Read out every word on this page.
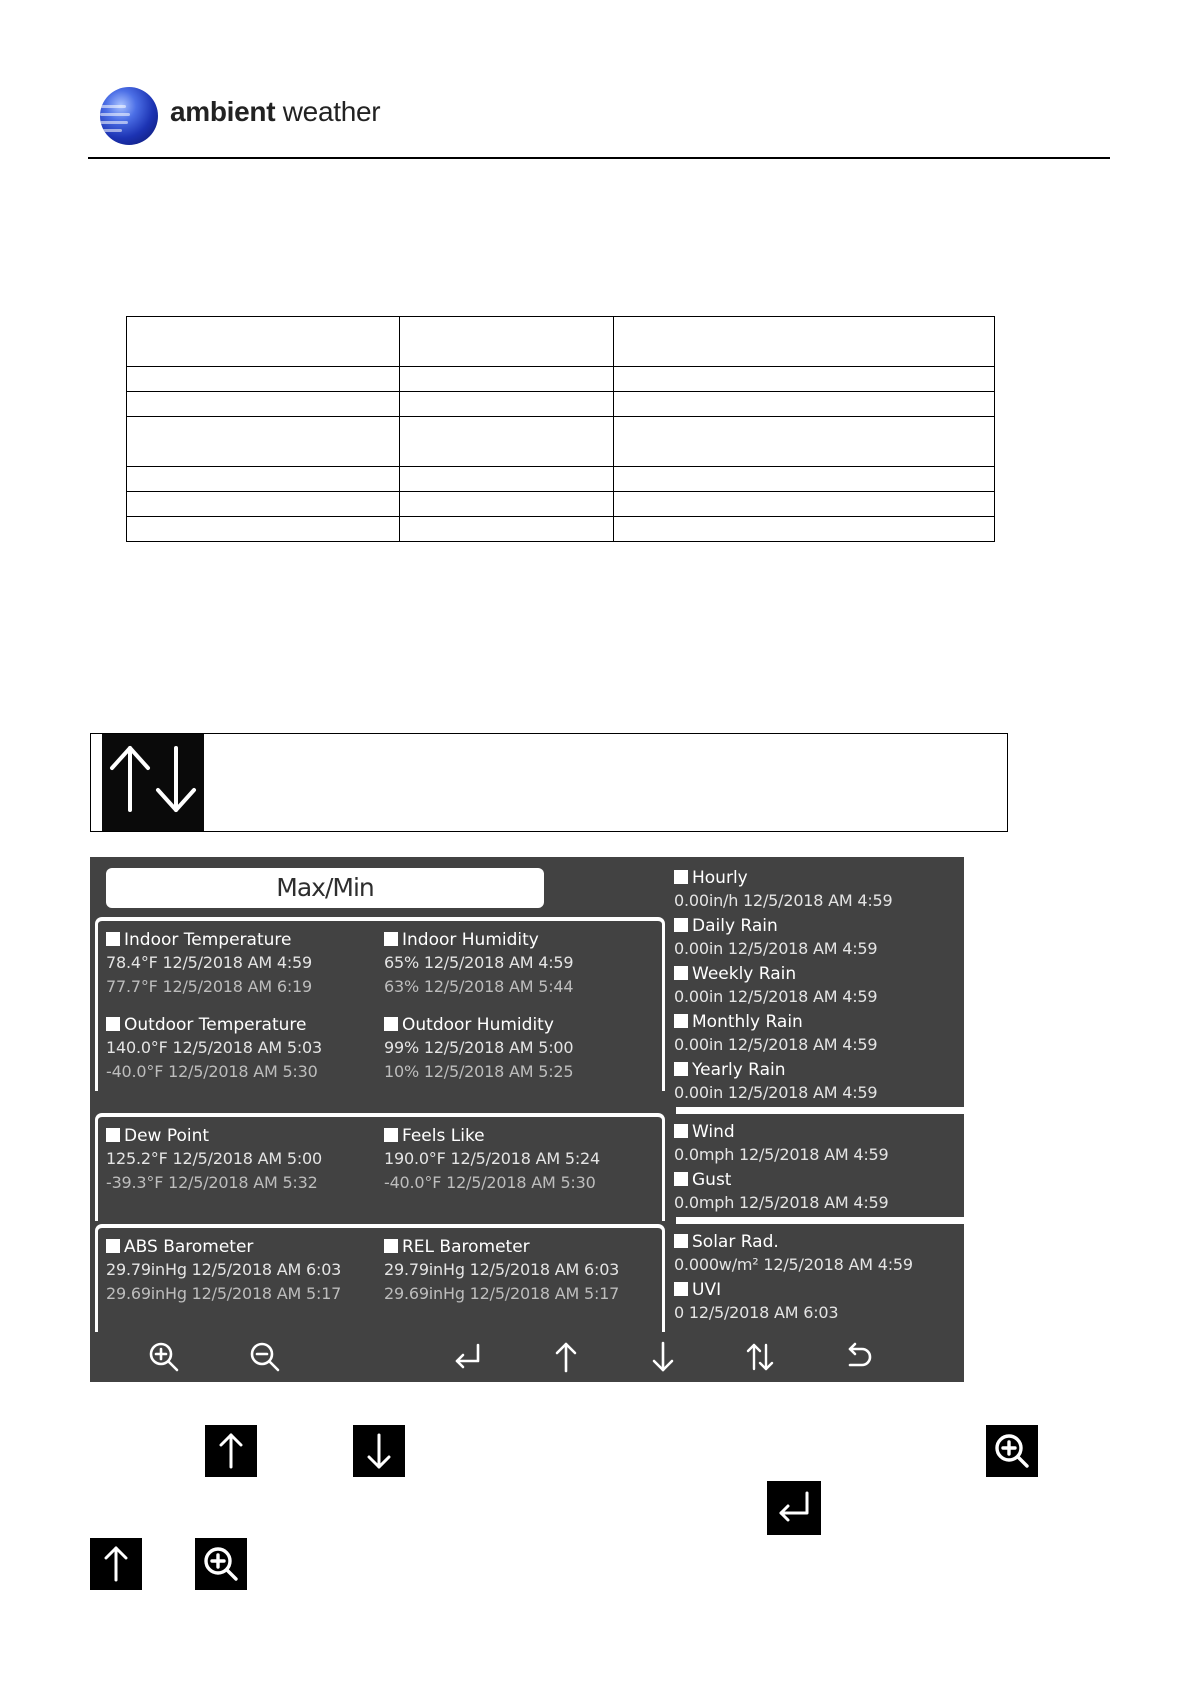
ambient weather

Max/Min
Indoor Temperature
78.4°F 12/5/2018 AM 4:59
77.7°F 12/5/2018 AM 6:19
Indoor Humidity
65% 12/5/2018 AM 4:59
63% 12/5/2018 AM 5:44
Outdoor Temperature
140.0°F 12/5/2018 AM 5:03
-40.0°F 12/5/2018 AM 5:30
Outdoor Humidity
99% 12/5/2018 AM 5:00
10% 12/5/2018 AM 5:25
Dew Point
125.2°F 12/5/2018 AM 5:00
-39.3°F 12/5/2018 AM 5:32
Feels Like
190.0°F 12/5/2018 AM 5:24
-40.0°F 12/5/2018 AM 5:30
ABS Barometer
29.79inHg 12/5/2018 AM 6:03
29.69inHg 12/5/2018 AM 5:17
REL Barometer
29.79inHg 12/5/2018 AM 6:03
29.69inHg 12/5/2018 AM 5:17
Hourly
0.00in/h 12/5/2018 AM 4:59
Daily Rain
0.00in 12/5/2018 AM 4:59
Weekly Rain
0.00in 12/5/2018 AM 4:59
Monthly Rain
0.00in 12/5/2018 AM 4:59
Yearly Rain
0.00in 12/5/2018 AM 4:59
Wind
0.0mph 12/5/2018 AM 4:59
Gust
0.0mph 12/5/2018 AM 4:59
Solar Rad.
0.000w/m² 12/5/2018 AM 4:59
UVI
0 12/5/2018 AM 6:03
